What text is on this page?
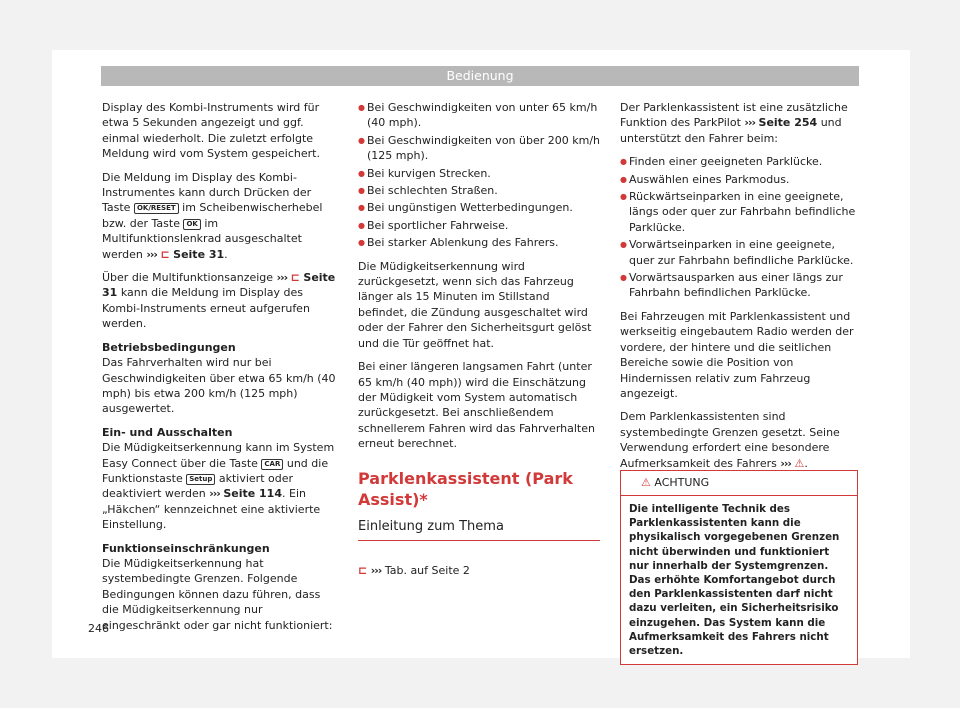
Bedienung

Display des Kombi-Instruments wird für etwa 5 Sekunden angezeigt und ggf. einmal wiederholt. Die zuletzt erfolgte Meldung wird vom System gespeichert.

Die Meldung im Display des Kombi-Instrumentes kann durch Drücken der Taste OK/RESET im Scheibenwischerhebel bzw. der Taste OK im Multifunktionslenkrad ausgeschaltet werden ››› ⊏ Seite 31.

Über die Multifunktionsanzeige ››› ⊏ Seite 31 kann die Meldung im Display des Kombi-Instruments erneut aufgerufen werden.

Betriebsbedingungen

Das Fahrverhalten wird nur bei Geschwindigkeiten über etwa 65 km/h (40 mph) bis etwa 200 km/h (125 mph) ausgewertet.

Ein- und Ausschalten

Die Müdigkeitserkennung kann im System Easy Connect über die Taste CAR und die Funktionstaste Setup aktiviert oder deaktiviert werden ››› Seite 114. Ein „Häkchen“ kennzeichnet eine aktivierte Einstellung.

Funktionseinschränkungen

Die Müdigkeitserkennung hat systembedingte Grenzen. Folgende Bedingungen können dazu führen, dass die Müdigkeitserkennung nur eingeschränkt oder gar nicht funktioniert:

● Bei Geschwindigkeiten von unter 65 km/h (40 mph).
● Bei Geschwindigkeiten von über 200 km/h (125 mph).
● Bei kurvigen Strecken.
● Bei schlechten Straßen.
● Bei ungünstigen Wetterbedingungen.
● Bei sportlicher Fahrweise.
● Bei starker Ablenkung des Fahrers.

Die Müdigkeitserkennung wird zurückgesetzt, wenn sich das Fahrzeug länger als 15 Minuten im Stillstand befindet, die Zündung ausgeschaltet wird oder der Fahrer den Sicherheitsgurt gelöst und die Tür geöffnet hat.

Bei einer längeren langsamen Fahrt (unter 65 km/h (40 mph)) wird die Einschätzung der Müdigkeit vom System automatisch zurückgesetzt. Bei anschließendem schnellerem Fahren wird das Fahrverhalten erneut berechnet.

Parklenkassistent (Park Assist)*
Einleitung zum Thema
⊏ ››› Tab. auf Seite 2

Der Parklenkassistent ist eine zusätzliche Funktion des ParkPilot ››› Seite 254 und unterstützt den Fahrer beim:

● Finden einer geeigneten Parklücke.
● Auswählen eines Parkmodus.
● Rückwärtseinparken in eine geeignete, längs oder quer zur Fahrbahn befindliche Parklücke.
● Vorwärtseinparken in eine geeignete, quer zur Fahrbahn befindliche Parklücke.
● Vorwärtsausparken aus einer längs zur Fahrbahn befindlichen Parklücke.

Bei Fahrzeugen mit Parklenkassistent und werkseitig eingebautem Radio werden der vordere, der hintere und die seitlichen Bereiche sowie die Position von Hindernissen relativ zum Fahrzeug angezeigt.

Dem Parklenkassistenten sind systembedingte Grenzen gesetzt. Seine Verwendung erfordert eine besondere Aufmerksamkeit des Fahrers ››› ⚠.

⚠ ACHTUNG
Die intelligente Technik des Parklenkassistenten kann die physikalisch vorgegebenen Grenzen nicht überwinden und funktioniert nur innerhalb der Systemgrenzen. Das erhöhte Komfortangebot durch den Parklenkassistenten darf nicht dazu verleiten, ein Sicherheitsrisiko einzugehen. Das System kann die Aufmerksamkeit des Fahrers nicht ersetzen.
246
